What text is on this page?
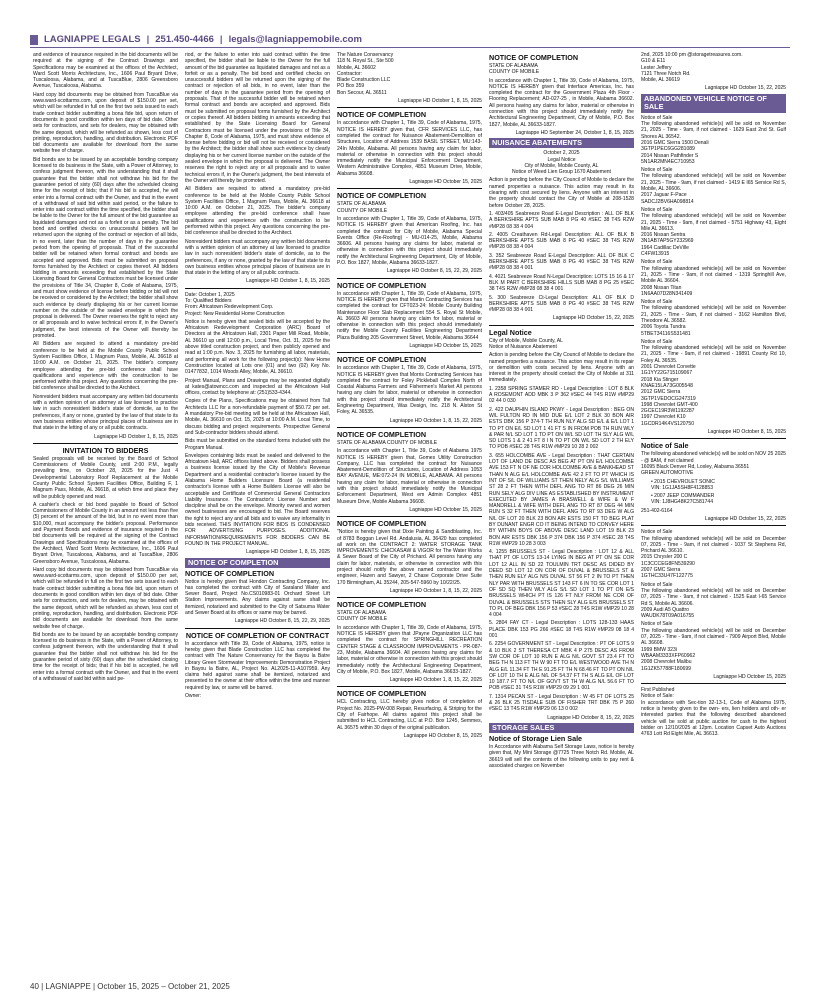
LAGNIAPPE LEGALS | 251.450-4466 | legals@lagniappemobile.com

and evidence of insurance required in the bid documents will be required at the signing of the Contract Drawings and Specifications may be examined at the offices of the Architect, Ward Scott Morris Architecture, Inc., 1606 Paul Bryant Drive, Tuscaloosa, Alabama, and at TuscaBlue, 2806 Greensboro Avenue, Tuscaloosa, Alabama.

Hard copy bid documents may be obtained from TuscaBlue via www.ward-scottarms.com, upon deposit of $150.00 per set, which will be refunded in full on the first two sets issued to each trade contract bidder submitting a bona fide bid, upon return of documents in good condition within ten days of bid date. Other sets for contractors, and sets for dealers, may be obtained with the same deposit, which will be refunded as shown, less cost of printing, reproduction, handling, and distribution. Electronic PDF bid documents are available for download from the same website free of charge.

Bid bonds are to be issued by an acceptable bonding company licensed to do business in the State, with a Power of Attorney, to confess judgment thereon, with the understanding that it shall guarantee that the bidder shall not withdraw his bid for the guarantee period of sixty (60) days after the scheduled closing time for the receipt of bids; that if his bid is accepted, he will enter into a formal contract with the Owner, and that in the event of a withdrawal of said bid within said period, or the failure to enter into said contract within the time specified, the bidder shall be liable to the Owner for the full amount of the bid guarantee as liquidated damages and not as a forfeit or as a penalty. The bid bond and certified checks on unsuccessful bidders will be returned upon the signing of the contract or rejection of all bids, in no event, later than the number of days in the guarantee period from the opening of proposals. That of the successful bidder will be retained when formal contract and bonds are accepted and approved. Bids must be submitted on proposal forms furnished by the Architect or copies thereof. All bidders bidding in amounts exceeding that established by the State Licensing Board for General Contractors must be licensed under the provisions of Title 34, Chapter 8, Code of Alabama, 1975, and must show evidence of license before bidding or bid will not be received or considered by the Architect; the bidder shall show such evidence by clearly displaying his or her current license number on the outside of the sealed envelope in which the proposal is delivered. The Owner reserves the right to reject any or all proposals and to waive technical errors if, in the Owner's judgment, the best interests of the Owner will thereby be promoted.

All Bidders are required to attend a mandatory pre-bid conference to be held at the Mobile County Public School System Facilities Office, 1 Magnum Pass, Mobile, AL 36618 at 10:00 A.M. on October 21, 2025. The bidder's company employee attending the pre-bid conference shall have qualifications and experience with the construction to be performed within this project. Any questions concerning the pre-bid conference shall be directed to the Architect.

Nonresident bidders must accompany any written bid documents with a written opinion of an attorney at law licensed to practice law in such nonresident bidder's state of domicile, as to the preferences, if any or none, granted by the law of that state to its own business entities whose principal places of business are in that state in the letting of any or all public contracts.

Lagniappe HD October 1, 8, 15, 2025

INVITATION TO BIDDERS

Sealed proposals will be received by the Board of School Commissioners of Mobile County, until 2:00 P.M., legally prevailing time, on October 28, 2025 for the Just 4 Developmental Laboratory Roof Replacement at the Mobile County Public School System Facilities Office, Building F, 1 Magnum Pass, Mobile, AL 36618, at which time and place they will be publicly opened and read.

A cashier's check or bid bond payable to Board of School Commissioners of Mobile County in an amount not less than five (5) percent of the amount of the bid, but in no event more than $10,000, must accompany the bidder's proposal. Performance and Payment Bonds and evidence of insurance required in the bid documents will be required at the signing of the Contract Drawings and Specifications may be examined at the offices of the Architect, Ward Scott Morris Architecture, Inc., 1606 Paul Bryant Drive, Tuscaloosa, Alabama, and at TuscaBlue, 2806 Greensboro Avenue, Tuscaloosa, Alabama.

Hard copy bid documents may be obtained from TuscaBlue via www.ward-scottarms.com, upon deposit of $150.00 per set, which will be refunded in full on the first two sets issued to each trade contract bidder submitting a bona fide bid, upon return of documents in good condition within ten days of bid date. Other sets for contractors, and sets for dealers, may be obtained with the same deposit, which will be refunded as shown, less cost of printing, reproduction, handling, and distribution. Electronic PDF bid documents are available for download from the same website free of charge.

Bid bonds are to be issued by an acceptable bonding company licensed to do business in the State, with a Power of Attorney, to confess judgment thereon, with the understanding that it shall guarantee that the bidder shall not withdraw his bid for the guarantee period of sixty (60) days after the scheduled closing time for the receipt of bids; that if his bid is accepted, he will enter into a formal contract with the Owner, and that in the event of a withdrawal of said bid within said pe-

riod, or the failure to enter into said contract within the time specified, the bidder shall be liable to the Owner for the full amount of the bid guarantee as liquidated damages and not as a forfeit or as a penalty. The bid bond and certified checks on unsuccessful bidders will be returned upon the signing of the contract or rejection of all bids, in no event, later than the number of days in the guarantee period from the opening of proposals. That of the successful bidder will be retained when formal contract and bonds are accepted and approved. Bids must be submitted on proposal forms furnished by the Architect or copies thereof. All bidders bidding in amounts exceeding that established by the State Licensing Board for General Contractors must be licensed under the provisions of Title 34, Chapter 8, Code of Alabama, 1975, and must show evidence of license before bidding or bid will not be received or considered by the Architect; the bidder shall show such evidence by clearly displaying his or her current license number on the outside of the sealed envelope in which the proposal is delivered. The Owner reserves the right to reject any or all proposals and to waive technical errors if, in the Owner's judgment, the best interests of the Owner will thereby be promoted.

All Bidders are required to attend a mandatory pre-bid conference to be held at the Mobile County Public School System Facilities Office, 1 Magnum Pass, Mobile, AL 36618 at 10:00 A.M. on October 21, 2025. The bidder's company employee attending the pre-bid conference shall have qualifications and experience with the construction to be performed within this project. Any questions concerning the pre-bid conference shall be directed to the Architect.

Nonresident bidders must accompany any written bid documents with a written opinion of an attorney at law licensed to practice law in such nonresident bidder's state of domicile, as to the preferences, if any or none, granted by the law of that state to its own business entities whose principal places of business are in that state in the letting of any or all public contracts.

Lagniappe HD October 1, 8, 15, 2025

Date: October 1, 2025
To: Qualified Bidders
From: Africatown Redevelopment Corp.
Project: New Residential Home Construction

Notice is hereby given that sealed bids will be accepted by the Africatown Redevelopment Corporation (ARC) Board of Directors at the Africatown Hall, 2301 Paper Mill Road, Mobile, AL 36610 up until 12:00 p.m., Local Time, Oct. 31, 2025 for the above titled construction project, and then publicly opened and read at 1:00 p.m. Nov. 3, 2025 for furnishing all labor, materials, and performing all work for the following project(s): New Home Construction located at Lots one (01) and two (02) Key No. 01477832, 1014 Woods Alley, Mobile, AL 36610.

Project Manual, Plans and Drawings may be requested digitally at kates@atowncc.com and inspected at the Africatown Hall offices, contact by telephone at: (251)533-4344.

Copies of the Plans, Specifications may be obtained from Tall Architects LLC for a non-refundable payment of $50.72 per set. A mandatory Pre-bid meeting will be held at the Africatown Hall, Mobile, AL 36610 on Oct. 15, 2025 at 10:00 A.M. Local Time, to discuss bidding and project requirements. Prospective General and Sub-contractor bidders should attend.

Bids must be submitted on the standard forms included with the Program Manual.

Envelopes containing bids must be sealed and delivered to the Africatown Hall, ARC offices listed above. Bidders shall possess a business license issued by the City of Mobile's Revenue Department and a residential contractor's license issued by the Alabama Home Builders Licensure Board (a residential contractor's license with a Home Builders License will also be acceptable and Certificate of Commercial General Contractors Liability Insurance. The Contractor's License Number and discipline shall be on the envelope. Minority owned and women owned businesses are encouraged to bid. The Board reserves the right to reject any and all bids and to waive any informality in bids received. THIS INVITATION FOR BIDS IS CONDENSED FOR ADVERTISING PURPOSES. ADDITIONAL INFORMATION/REQUIREMENTS FOR BIDDERS CAN BE FOUND IN THE PROJECT MANUAL.

Lagniappe HD October 1, 8, 15, 2025

NOTICE OF COMPLETION
NOTICE OF COMPLETION

Notice is hereby given that Hondon Contracting Company, Inc. has completed the contract with City of Saraland Water and Sewer Board, Project No.CS010983-01 Orchard Street Lift Station Improvements. Any claims against same shall be itemized, notarized and submitted to the City of Satsuma Water and Sewer Board at its offices or same may be barred.

Lagniappe HD October 8, 15, 22, 29, 2025

NOTICE OF COMPLETION OF CONTRACT

In accordance with Title 39, Code of Alabama, 1975, notice is hereby given that Blade Construction LLC has completed the contract with The Nature Conservancy for the Bayou la Batre Library Green Stormwater Improvements Demonstration Project in Bayou la Batre, AL, Project No. AL2025-11-A107959. Any claims held against same shall be itemized, notarized and presented to the owner at their office within the time and manner required by law, or same will be barred.

Owner:

The Nature Conservancy
118 N. Royal St., Ste 500
Mobile, AL 36602
Contractor:
Blade Construction LLC
PO Box 359
Bon Secour, AL 36511

Lagniappe HD October 1, 8, 15, 2025

NOTICE OF COMPLETION

In accordance with Chapter 1, Title 39, Code of Alabama, 1975, NOTICE IS HEREBY given that, CFR SERVICES LLC, has completed the contract for Nuisance Abatement-Demolition of Structures, Location of Address 1539 BASIL STREET, MU:143-24In Mobile, Alabama. All persons having any claim for labor, material or otherwise in connection with this project should immediately notify the Municipal Enforcement Department, Western Administrative Complex, 4851 Museum Drive, Mobile, Alabama 36608.

Lagniappe HD October 15, 2025

NOTICE OF COMPLETION

STATE OF ALABAMA
COUNTY OF MOBILE

In accordance with Chapter 1, Title 39, Code of Alabama, 1975, NOTICE IS HEREBY given that American Roofing, Inc. has completed the contract for City of Mobile, Alabama Special Events Office (Re-Roofing) - MU-014-25, Mobile, Alabama 36606. All persons having any claims for labor, material or otherwise in connection with this project should immediately notify the Architectural Engineering Department, City of Mobile, P.O. Box 1827, Mobile, Alabama 36633-1827.

Lagniappe HD October 8, 15, 22, 29, 2025

NOTICE OF COMPLETION

In accordance with Chapter 1, Title 39, Code of Alabama, 1975, NOTICE IS HEREBY given that Martin Contracting Services has completed the contract for CFT023-24: Mobile County Building Maintenance Floor Slab Replacement 554 S. Royal St Mobile, AL 36603 All persons having any claim for labor, material or otherwise in connection with this project should immediately notify the Mobile County Facilities Engineering Department Plaza Building 205 Government Street, Mobile, Alabama 36644

Lagniappe HD October 15, 2025

NOTICE OF COMPLETION

In accordance with Chapter 1, Title 39, Code of Alabama, 1975, NOTICE IS HEREBY given that Morris Contracting Services has completed the contract for Foley Pickleball Complex North of Coastal Alabama Farmers and Fishermen's Market All persons having any claim for labor, material or otherwise in connection with this project should immediately notify the Architectural Engineering Department, Was Design, Inc. 218 N. Alston St Foley, AL 36535.

Lagniappe HD October 1, 8, 15, 22, 2025

NOTICE OF COMPLETION

STATE OF ALABAMA COUNTY OF MOBILE

In accordance with Chapter 1, Title 39, Code of Alabama 1975 NOTICE IS HEREBY given that, Gomes Utility Construction Company, LLC has completed the contract for Nuisance Abatement-Demolition of Structures, Location of Address 1053 BAY AVENUE, ME:072-24 IN MOBILE, ALABAMA. All persons having any claim for labor, material or otherwise in connection with this project should immediately notify the Municipal Enforcement Department, West em Admin Complex 4851 Museum Drive, Mobile Alabama 36608.

Lagniappe HD October 15, 2025

NOTICE OF COMPLETION

"Notice is hereby given that Dixie Painting & Sandblasting, Inc. of 8783 Boggan Level Rd. Andalusia, AL 36420 has completed all work on the CONTRACT 2: WATER STORAGE TANK IMPROVEMENTS: CHICKASAW & VIGOR for The Water Works & Sewer Board of the City of Prichard. All persons having any claim for labor, materials, or otherwise in connection with this project should notify the above named contractor and the engineer, Hazen and Sawyer, 2 Chase Corporate Drive Suite 170 Birmingham, AL 35244, 205-547-5960 by 10/22/25.

Lagniappe HD October 1, 8, 15, 22, 2025

NOTICE OF COMPLETION

STATE OF ALABAMA
COUNTY OF MOBILE

In accordance with Chapter 1, Title 39, Code of Alabama, 1975, NOTICE IS HEREBY given that JPayne Organization LLC has completed the contract for SPRINGHILL RECREATION CENTER STAGE & CLASSROOM IMPROVEMENTS - PR-087-23, Mobile, Alabama 36604. All persons having any claims for labor, material or otherwise in connection with this project should immediately notify the Architectural Engineering Department, City of Mobile, P.O. Box 1827, Mobile, Alabama 36633-1827.

Lagniappe HD October 1, 8, 15, 22, 2025

NOTICE OF COMPLETION

HCL Contracting, LLC hereby gives notice of completion of Project No. 2025-PW-008 Repair, Resurfacing, & Striping for the City of Fairhope. All claims against this project shall be submitted to HCL Contracting, LLC at P.O. Box 1245, Semmes, AL 36575 within 30 days of the original publication.

Lagniappe HD October 8, 15, 2025

NOTICE OF COMPLETION

STATE OF ALABAMA
COUNTY OF MOBILE

In accordance with Chapter 1, Title 39, Code of Alabama, 1975, NOTICE IS HEREBY given that Interface Americas, Inc. has completed the contract for the Government Plaza 4th Floor - Flooring Replacement; AD-027-25 , in Mobile, Alabama 36602. All persons having any claims for labor, material or otherwise in connection with this project should immediately notify the Architectural Engineering Department, City of Mobile, P.O. Box 1827, Mobile, AL 36633-1827.

Lagniappe HD September 24, October 1, 8, 15, 2025

NUISANCE ABATEMENTS

October 2, 2025
Legal Notice
City of Mobile, Mobile County, AL
Notice of Weed Lien Group 1670 Abatement

Action is pending before the City Council of Mobile to declare the named properties a nuisance. This action may result in its clearing with cost secured by liens. Anyone with an interest in the property should contact the City of Mobile at 208-1528 before October 28, 2025.

1. 403/405 Seabreeze Road E-Legal Description : ALL OF BLK A BERKSHIRE APTS SUB MAB 8 PG 40 #SEC 38 T4S R2W #MP28 08 38 4 004

2. 4005 Creathaven Rd-Legal Description: ALL OF BLK B BERKSHIRE APTS SUB MAB 8 PG 40 #SEC 38 T4S R2W #MP28 08 38 4 004

3. 352 Seabreeze Road E-Legal Description: ALL OF BLK C BERKSHIRE APTS SUB MAB 8 PG 40 #SEC 38 T4S R2W #MP28 08 38 4 001

4. 4021 Seabreeze Road N-Legal Description: LOTS 15 16 & 17 BLK M PART C BERKSHIRE HILLS SUB MAB 8 PG 25 #SEC 38 T4S R2W #MP28 08 38 4 001

5. 300 Seabreeze Ct-Legal Description: ALL OF BLK D BERKSHIRE APTS SUB MAB 8 PG 40 #SEC 38 T4S R2W #MP28 08 38 4 001

Lagniappe HD October 15, 22, 2025

Legal Notice

City of Mobile, Mobile County, AL
Notice of Nuisance Abatement

Action is pending before the City Council of Mobile to declare the named properties a nuisance. This action may result in its repair or demolition with costs secured by liens. Anyone with an interest in the property should contact the City of Mobile at 311 immediately.

1. 2358 SPRING STAMER RD - Legal Description : LOT 8 BLK A ROSEMONT ADD MBK 3 P 362 #SEC 44 T4S R1W #MP29 02 44 0 030

2. 422 DAUPHIN ISLAND PKWY - Legal Description : BEG ON W/L FULTON RD IN MID DUE E/L LOT 2 BLK 30 BON AIR ESTS DBK 156 P 374-T TH RUN NLY ALG SD E/L & E/L LOT 1 TO PT ON E/L SD LOT 1 41 FT S IN FROM POB TH RUN WLY & PAR N/L SD LOT 1 TO PT ON W/L SD LOT TH SLY ALG W/L SD LOTS 1 & 2 41 FT 8 I N TO PT ON W/L SD LOT 2 TH ELY TO POB #SEC 28 T4S R1W #MP29 10 28 2 002

3. 655 HOLCOMBE AVE - Legal Description : THAT CERTAIN LOT OF LAND DE DESC AS BEG AT PT ON E/L HOLCOMBE AVE 153 FT N OF NE COR HOLCOMBE AVE & BANKHEAD ST THAN N ALG E/L HOLCOMBE AVE 42 2 FT TO PT WHICH IS INT OF S/L OF WILLIAMS ST THEN NELY ALG S/L WILLIAMS ST 28 2 FT THEN WITH DEFL ANG TO RT 86 DEG 26 MIN RUN SELY ALG DIV LINE AS ESTABLISHED BY INSTRUMENT EXECUTED BY JAMES A BRASWELL & WIFE & W F MANDRELL & WIFE WITH DEFL ANG TO RT 87 DEG 44 MIN RUN S 32 FT THEN WITH DEFL ANG TO RT 93 DEG W ALG N/L OF LOT 20 BLK 23 BON AIR ESTS 150 FT TO BEG PLAT BY DUNANT ENGR CO IT BEING INTEND TO CONVEY HERE BY WITHIN BOYS OF ABOVE DESC LAND LOT 19 BLK 23 BON AIR ESTS DBK 156 P 374 DBK 156 P 374 #SEC 28 T4S R1W #MP29 10 28 3 003

4. 1255 BRUSSELS ST - Legal Description : LOT 12 & ALL THAT PT OF LOTS 13-14 LYING IN BEG AT PT ON SE COR LOT 12 ALL IN SD 22 TOULMIN TRT DESC AS DIDED BY DEED SD LOT 12 ON COR OF DUVAL & BRUSSELS ST & THEN RUN ELY ALG N/S DUVAL ST 56 FT 2 IN TO PT THEN NLY PAR WITH BRUSSELS ST 143 FT 6 IN TO SE COR LOT 1 OF SD SQ THEN WLY ALG S/L SD LOT 1 TO PT ON E/S BRUSSELS WHICH PT IS 126 FT NLY FROM NE COR OF DUVAL & BRUSSELS STS THEN SLY ALG E/S BRUSSELS ST TO PL OF BEG DBK 156 P 53 #SEC 28 T4S R1W #MP29 10 28 4 004

5. 2804 FAY CT - Legal Description : LOTS 128-133 HAAS PLACE DBK 153 PG 266 #SEC 18 T4S R1W #MP29 08 18 4 001

6. 2254 GOVERNMENT ST - Legal Description : PT OF LOTS 9 & 10 BLK 2 ST THERESA CT MBK 4 P 275 DESC AS FROM SW COR OF LOT 10 RUN E ALG N/L GOVT ST 23.4 FT TO BEG TH N 113 FT TH W 90 FT TO E/L WESTWOOD AVE TH N ALG E/L 11.34 FT TH E 91.25 FT TH N 68.46 FT TO PT ON N/L OF LOT 10 TH E ALG N/L OF 54.37 FT TH S ALG E/L OF LOT 10 187.7 FT TO N/L OF GOVT ST TH W ALG N/L 56.6 FT TO POB #SEC 31 T4S R1W #MP29 09 29 1 001

7. 1314 PECAN ST - Legal Description : W 45 FT OF LOTS 25 & 26 BLK 25 TISDALE SUB OF FISHER TRT DBK 75 P 260 #SEC 13 T4S R1W #MP29 06 13 0 002

Lagniappe HD October 8, 15, 22, 2025

STORAGE SALES
Notice of Storage Lien Sale

In Accordance with Alabama Self Storage Laws, notice is hereby given that, My Mini Storage @7725 Three Notch Rd. Mobile, AL 36619 will sell the contents of the following units to pay rent & associated charges on November

2nd, 2025 10:00 pm @storagetreasures.com.
G10 & E11
Lester Jeffery
7121 Three Notch Rd.
Mobile, AL 36619

Lagniappe HD October 15, 22, 2025

ABANDONED VEHICLE NOTICE OF SALE

Notice of Sale
The following abandoned vehicle(s) will be sold on November 21, 2025 - Time - 9am, if not claimed - 1629 East 2nd St. Gulf Shores AL 36542.
2016 GMC Sierra 1500 Denali
3GTP1PEC6GG281089
2014 Nissan Pathfinder S
5N1AR2MN4EC710953

Notice of Sale
The following abandoned vehicle(s) will be sold on November 21, 2025 - Time - 9am, if not claimed - 1419 E I65 Service Rd S, Mobile, AL 36606.
2017 Jaguar F-Pace
SADCJ2BV6HA098814

Notice of Sale
The following abandoned vehicle(s) will be sold on November 21, 2025 - Time - 9am, if not claimed - 5751 Highway 43, Eight Mile AL 36613.
2016 Nissan Sentra
3N1AB7AP5GY232969
1964 Cadillac DeVille
C4FW13915

Notice of Sale
The following abandoned vehicle(s) will be sold on November 21, 2025 - Time - 9am, if not claimed - 1319 Springhill Ave, Mobile AL 36604.
2008 Nissan Titan
1N6AA07D28N341409

Notice of Sale
The following abandoned vehicle(s) will be sold on November 21, 2025 - Time - 9am, if not claimed - 3162 Hamilton Blvd, Theodore AL 36582.
2006 Toyota Tundra
5TBET34116S531481

Notice of Sale
The following abandoned vehicle(s) will be sold on November 21, 2025 - Time - 9am, if not claimed - 19891 County Rd 10, Foley AL 36535.
2001 Chevrolet Corvette
1G1YY22G715109067
2018 Kia Stinger
KNAE15LA73G005548
2012 GMC Sierra
3GTP1VEDOCG247319
1998 Chevrolet GMT-400
2GCEC19R3W1192287
1997 Chevrolet K10
1GCDR14K4VS120750

Lagniappe HD October 8, 15, 2025

Notice of Sale

The following abandoned vehicle(s) will be sold on NOV 25 2025 - @ 8AM, if not claimed
16095 Black Denver Rd, Loxley, Alabama 36551
GREEN AUTOMOTIVE

• 2015 CHEVROLET SONIC
VIN: 1G1JA5SH8F4128853

• 2007 JEEP COMMANDER
VIN: 1J8HG48K27C581744

251-402-6164

Lagniappe HD October 15, 22, 2025

Notice of Sale
The following abandoned vehicle(s) will be sold on December 07, 2025 - Time - 9am, if not claimed - 1037 St Stephens Rd, Prichard AL 36610.
2015 Chrysler 200 C
1C3CCCEG8FN539290
2007 GMC Sierra
1GTHC33U47F122775

Notice of Sale
The following abandoned vehicle(s) will be sold on December 07, 2025 - Time - 9am, if not claimed - 1525 East I-65 Service Rd S, Mobile AL 36606.
2009 Audi A5 Quattro
WAUDK78T09A016755

Notice of Sale
The following abandoned vehicle(s) will be sold on December 07, 2025 - Time - 9am, if not claimed - 7909 Airport Blvd, Mobile AL 36608.
1999 BMW 323i
WBAAM3333XFP60962
2008 Chevrolet Malibu
1G1ZK57788F180699

Lagniappe HD October 15, 2025

First Published
Notice of Sale:
In accordance with Sec-tion 32-13-1, Code of Alabama 1975, notice is hereby given to the own- ers, lien holders and oth- er interested parties that the following described abandoned vehicle will be sold at public auction for cash to the highest bidder on 12/10/2025 at 12pm. Location Capset Auto Auctions 4763 Lott Rd Eight Mile, AL 36613.

40 | LAGNIAPPE | October 15, 2025 – October 21, 2025
